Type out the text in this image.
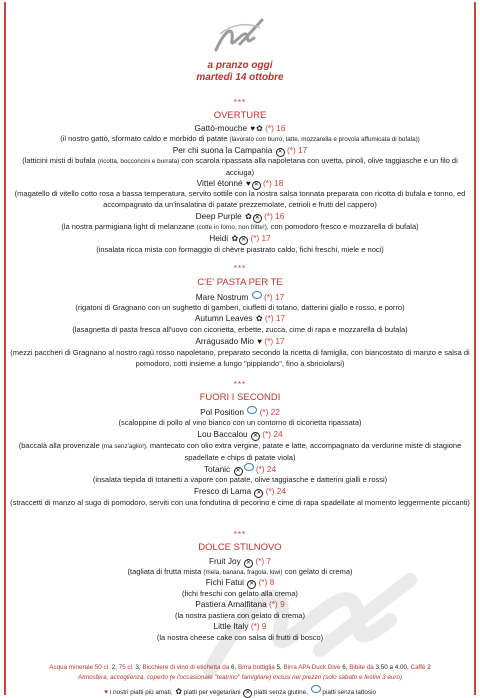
a pranzo oggi
martedì 14 ottobre
***
OVERTURE
Gattò-mouche ♥✿ (*) 16
(il nostro gattò, sformato caldo e morbido di patate (lavorato con burro, latte, mozzarella e provola affumicata di bufala))
Per chi suona la Campania ✕ (*) 17
(latticini misti di bufala (ricotta, bocconcini e burrata) con scarola ripassata alla napoletana con uvetta, pinoli, olive taggiasche e un filo di acciuga)
Vittel étonné ♥ ✕ (*) 18
(magatello di vitello cotto rosa a bassa temperatura, servito sottile con la nostra salsa tonnata preparata con ricotta di bufala e tonno, ed accompagnato da un'insalatina di patate prezzemolate, cetrioli e frutti del cappero)
Deep Purple ✿ ✕ (*) 16
(la nostra parmigiana light di melanzane (cotte in forno, non fritte!), con pomodoro fresco e mozzarella di bufala)
Heidi ✿ ✕ (*) 17
(insalata ricca mista con formaggio di chèvre piastrato caldo, fichi freschi, miele e noci)
***
C'E' PASTA PER TE
Mare Nostrum (*) 17
(rigatoni di Gragnano con un sughetto di gamberi, ciuffetti di totano, datterini giallo e rosso, e porro)
Autumn Leaves ✿ (*) 17
(lasagnetta di pasta fresca all'uovo con cicorietta, erbette, zucca, cime di rapa e mozzarella di bufala)
Arragusado Mio ♥ (*) 17
(mezzi paccheri di Gragnano al nostro ragù rosso napoletano, preparato secondo la ricetta di famiglia, con biancostato di manzo e salsa di pomodoro, cotti insieme a lungo "pippiando", fino a sbriciolarsi)
***
FUORI I SECONDI
Pol Position (*) 22
(scaloppine di pollo al vino bianco con un contorno di cicorietta ripassata)
Lou Baccalou ✕ (*) 24
(baccalà alla provenzale (ma senz'aglio!), mantecato con olio extra vergine, patate e latte, accompagnato da verdurine miste di stagione spadellate e chips di patate viola)
Totanic ✕ (*) 24
(insalata tiepida di totanetti a vapore con patate, olive taggiasche e datterini gialli e rossi)
Fresco di Lama ✕ (*) 24
(straccetti di manzo al sugo di pomodoro, serviti con una fondutina di pecorino e cime di rapa spadellate al momento leggermente piccanti)
***
DOLCE STILNOVO
Fruit Joy ✕ (*) 7
(tagliata di frutta mista (mela, banana, fragola, kiwi) con gelato di crema)
Fichi Fatui ✕ (*) 8
(fichi freschi con gelato alla crema)
Pastiera Amalfitana (*) 9
(la nostra pastiera con gelato di crema)
Little Italy (*) 9
(la nostra cheese cake con salsa di frutti di bosco)
Acqua minerale 50 cl. 2, 75 cl. 3, Bicchiere di vino di etichetta da 6, Birra bottiglia 5, Birra APA Duck Dive 6, Bibite da 3.50 a 4.00, Caffè 2
Atmosfera, accoglienza, coperto (e l'occasionale "teatrino" famigliare) inclusi nel prezzo (solo sabato e festivi 3 euro)
♥ i nostri piatti più amati, ✿ piatti per vegetariani ✕ piatti senza glutine, piatti senza lattosio
